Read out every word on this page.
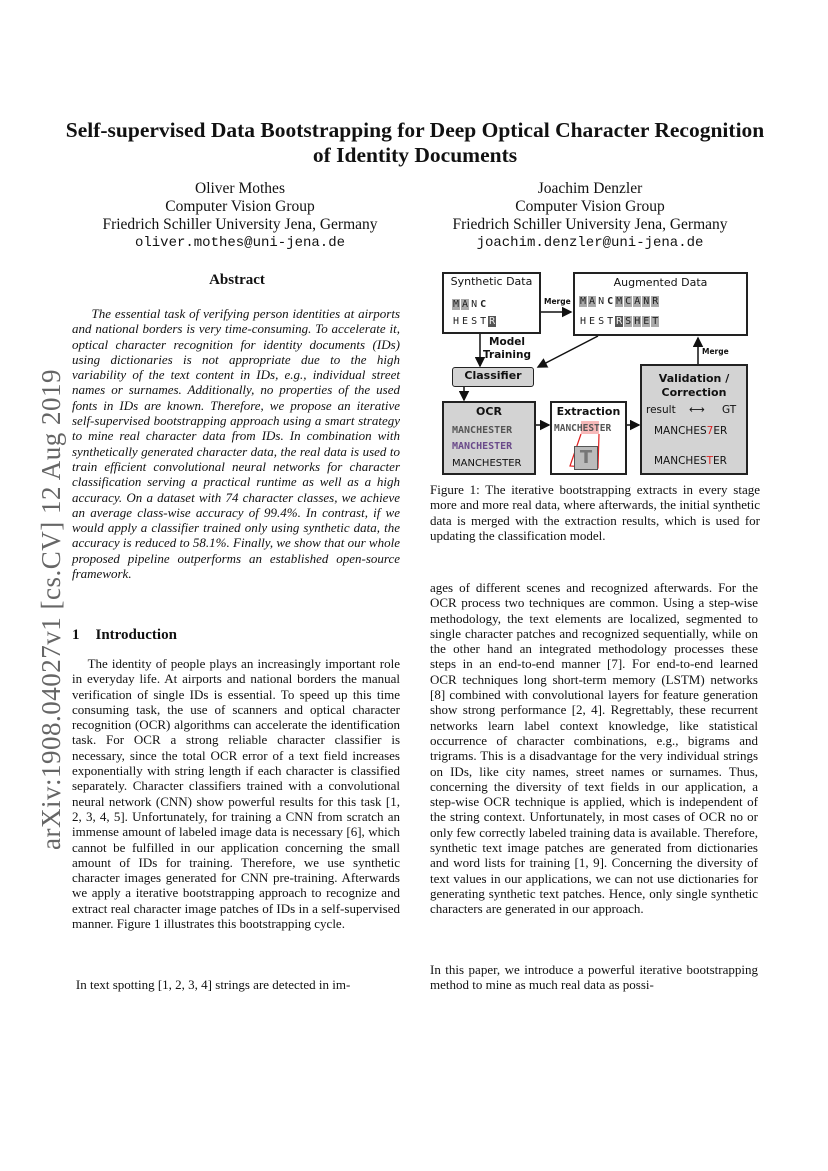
arXiv:1908.04027v1 [cs.CV] 12 Aug 2019
Self-supervised Data Bootstrapping for Deep Optical Character Recognition of Identity Documents
Oliver Mothes
Computer Vision Group
Friedrich Schiller University Jena, Germany
oliver.mothes@uni-jena.de
Joachim Denzler
Computer Vision Group
Friedrich Schiller University Jena, Germany
joachim.denzler@uni-jena.de
Abstract
The essential task of verifying person identities at airports and national borders is very time-consuming. To accelerate it, optical character recognition for identity documents (IDs) using dictionaries is not appropriate due to the high variability of the text content in IDs, e.g., individual street names or surnames. Additionally, no properties of the used fonts in IDs are known. Therefore, we propose an iterative self-supervised bootstrapping approach using a smart strategy to mine real character data from IDs. In combination with synthetically generated character data, the real data is used to train efficient convolutional neural networks for character classification serving a practical runtime as well as a high accuracy. On a dataset with 74 character classes, we achieve an average class-wise accuracy of 99.4%. In contrast, if we would apply a classifier trained only using synthetic data, the accuracy is reduced to 58.1%. Finally, we show that our whole proposed pipeline outperforms an established open-source framework.
1 Introduction
The identity of people plays an increasingly important role in everyday life. At airports and national borders the manual verification of single IDs is essential. To speed up this time consuming task, the use of scanners and optical character recognition (OCR) algorithms can accelerate the identification task. For OCR a strong reliable character classifier is necessary, since the total OCR error of a text field increases exponentially with string length if each character is classified separately. Character classifiers trained with a convolutional neural network (CNN) show powerful results for this task [1, 2, 3, 4, 5]. Unfortunately, for training a CNN from scratch an immense amount of labeled image data is necessary [6], which cannot be fulfilled in our application concerning the small amount of IDs for training. Therefore, we use synthetic character images generated for CNN pre-training. Afterwards we apply a iterative bootstrapping approach to recognize and extract real character image patches of IDs in a self-supervised manner. Figure 1 illustrates this bootstrapping cycle.
In text spotting [1, 2, 3, 4] strings are detected in im-
Synthetic Data
M A N C
H E S T R
Merge
Augmented Data
M A N C M C A N R
H E S T R S H E T
Model Training
Classifier
OCR
MANCHESTER
MANCHESTER
MANCHESTER
Extraction
MANCHESTER
T
Validation / Correction
result ⟷ GT
MANCHES7ER
MANCHESTER
Merge
Figure 1: The iterative bootstrapping extracts in every stage more and more real data, where afterwards, the initial synthetic data is merged with the extraction results, which is used for updating the classification model.
ages of different scenes and recognized afterwards. For the OCR process two techniques are common. Using a step-wise methodology, the text elements are localized, segmented to single character patches and recognized sequentially, while on the other hand an integrated methodology processes these steps in an end-to-end manner [7]. For end-to-end learned OCR techniques long short-term memory (LSTM) networks [8] combined with convolutional layers for feature generation show strong performance [2, 4]. Regrettably, these recurrent networks learn label context knowledge, like statistical occurrence of character combinations, e.g., bigrams and trigrams. This is a disadvantage for the very individual strings on IDs, like city names, street names or surnames. Thus, concerning the diversity of text fields in our application, a step-wise OCR technique is applied, which is independent of the string context. Unfortunately, in most cases of OCR no or only few correctly labeled training data is available. Therefore, synthetic text image patches are generated from dictionaries and word lists for training [1, 9]. Concerning the diversity of text values in our applications, we can not use dictionaries for generating synthetic text patches. Hence, only single synthetic characters are generated in our approach.
In this paper, we introduce a powerful iterative bootstrapping method to mine as much real data as possi-
